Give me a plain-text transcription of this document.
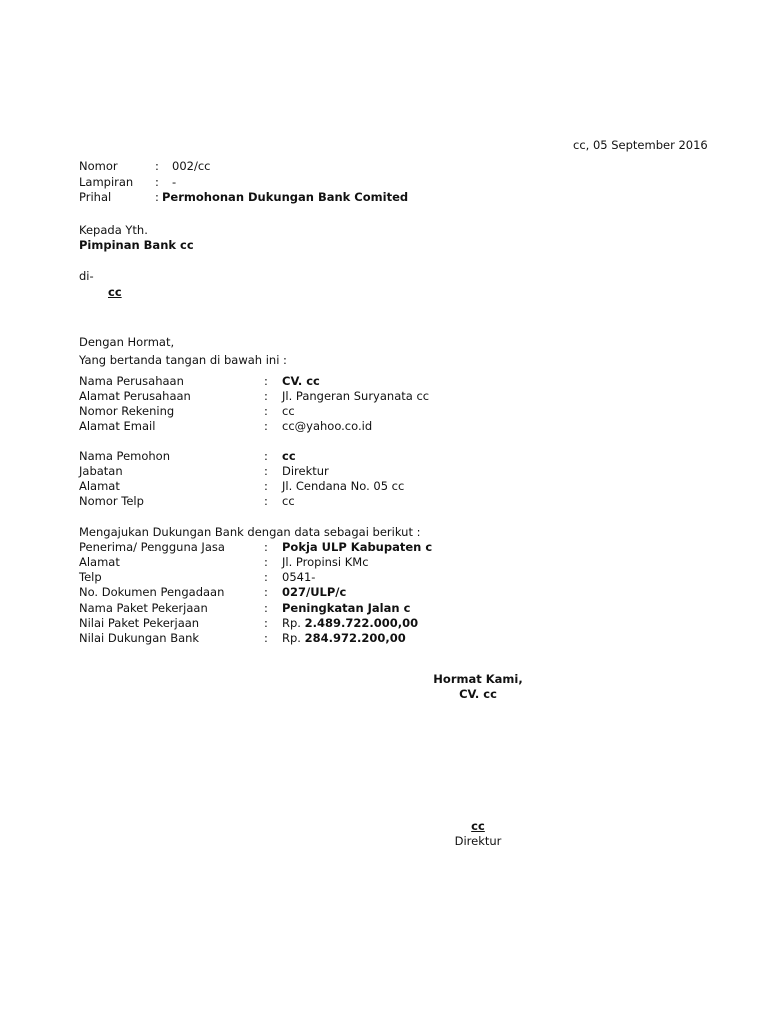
cc, 05 September 2016
Nomor	: 002/cc
Lampiran : -
Prihal	: Permohonan Dukungan Bank Comited
Kepada Yth.
Pimpinan Bank cc
di-
cc
Dengan Hormat,
Yang bertanda tangan di bawah ini :
Nama Perusahaan	: CV. cc
Alamat Perusahaan	: Jl. Pangeran Suryanata cc
Nomor Rekening	: cc
Alamat Email	: cc@yahoo.co.id
Nama Pemohon	: cc
Jabatan	: Direktur
Alamat	: Jl. Cendana No. 05 cc
Nomor Telp	: cc
Mengajukan Dukungan Bank dengan data sebagai berikut :
Penerima/ Pengguna Jasa	: Pokja ULP Kabupaten c
Alamat	: Jl. Propinsi KMc
Telp	: 0541-
No. Dokumen Pengadaan	: 027/ULP/c
Nama Paket Pekerjaan	: Peningkatan Jalan c
Nilai Paket Pekerjaan	: Rp. 2.489.722.000,00
Nilai Dukungan Bank	: Rp. 284.972.200,00
Hormat Kami,
CV. cc
cc
Direktur
